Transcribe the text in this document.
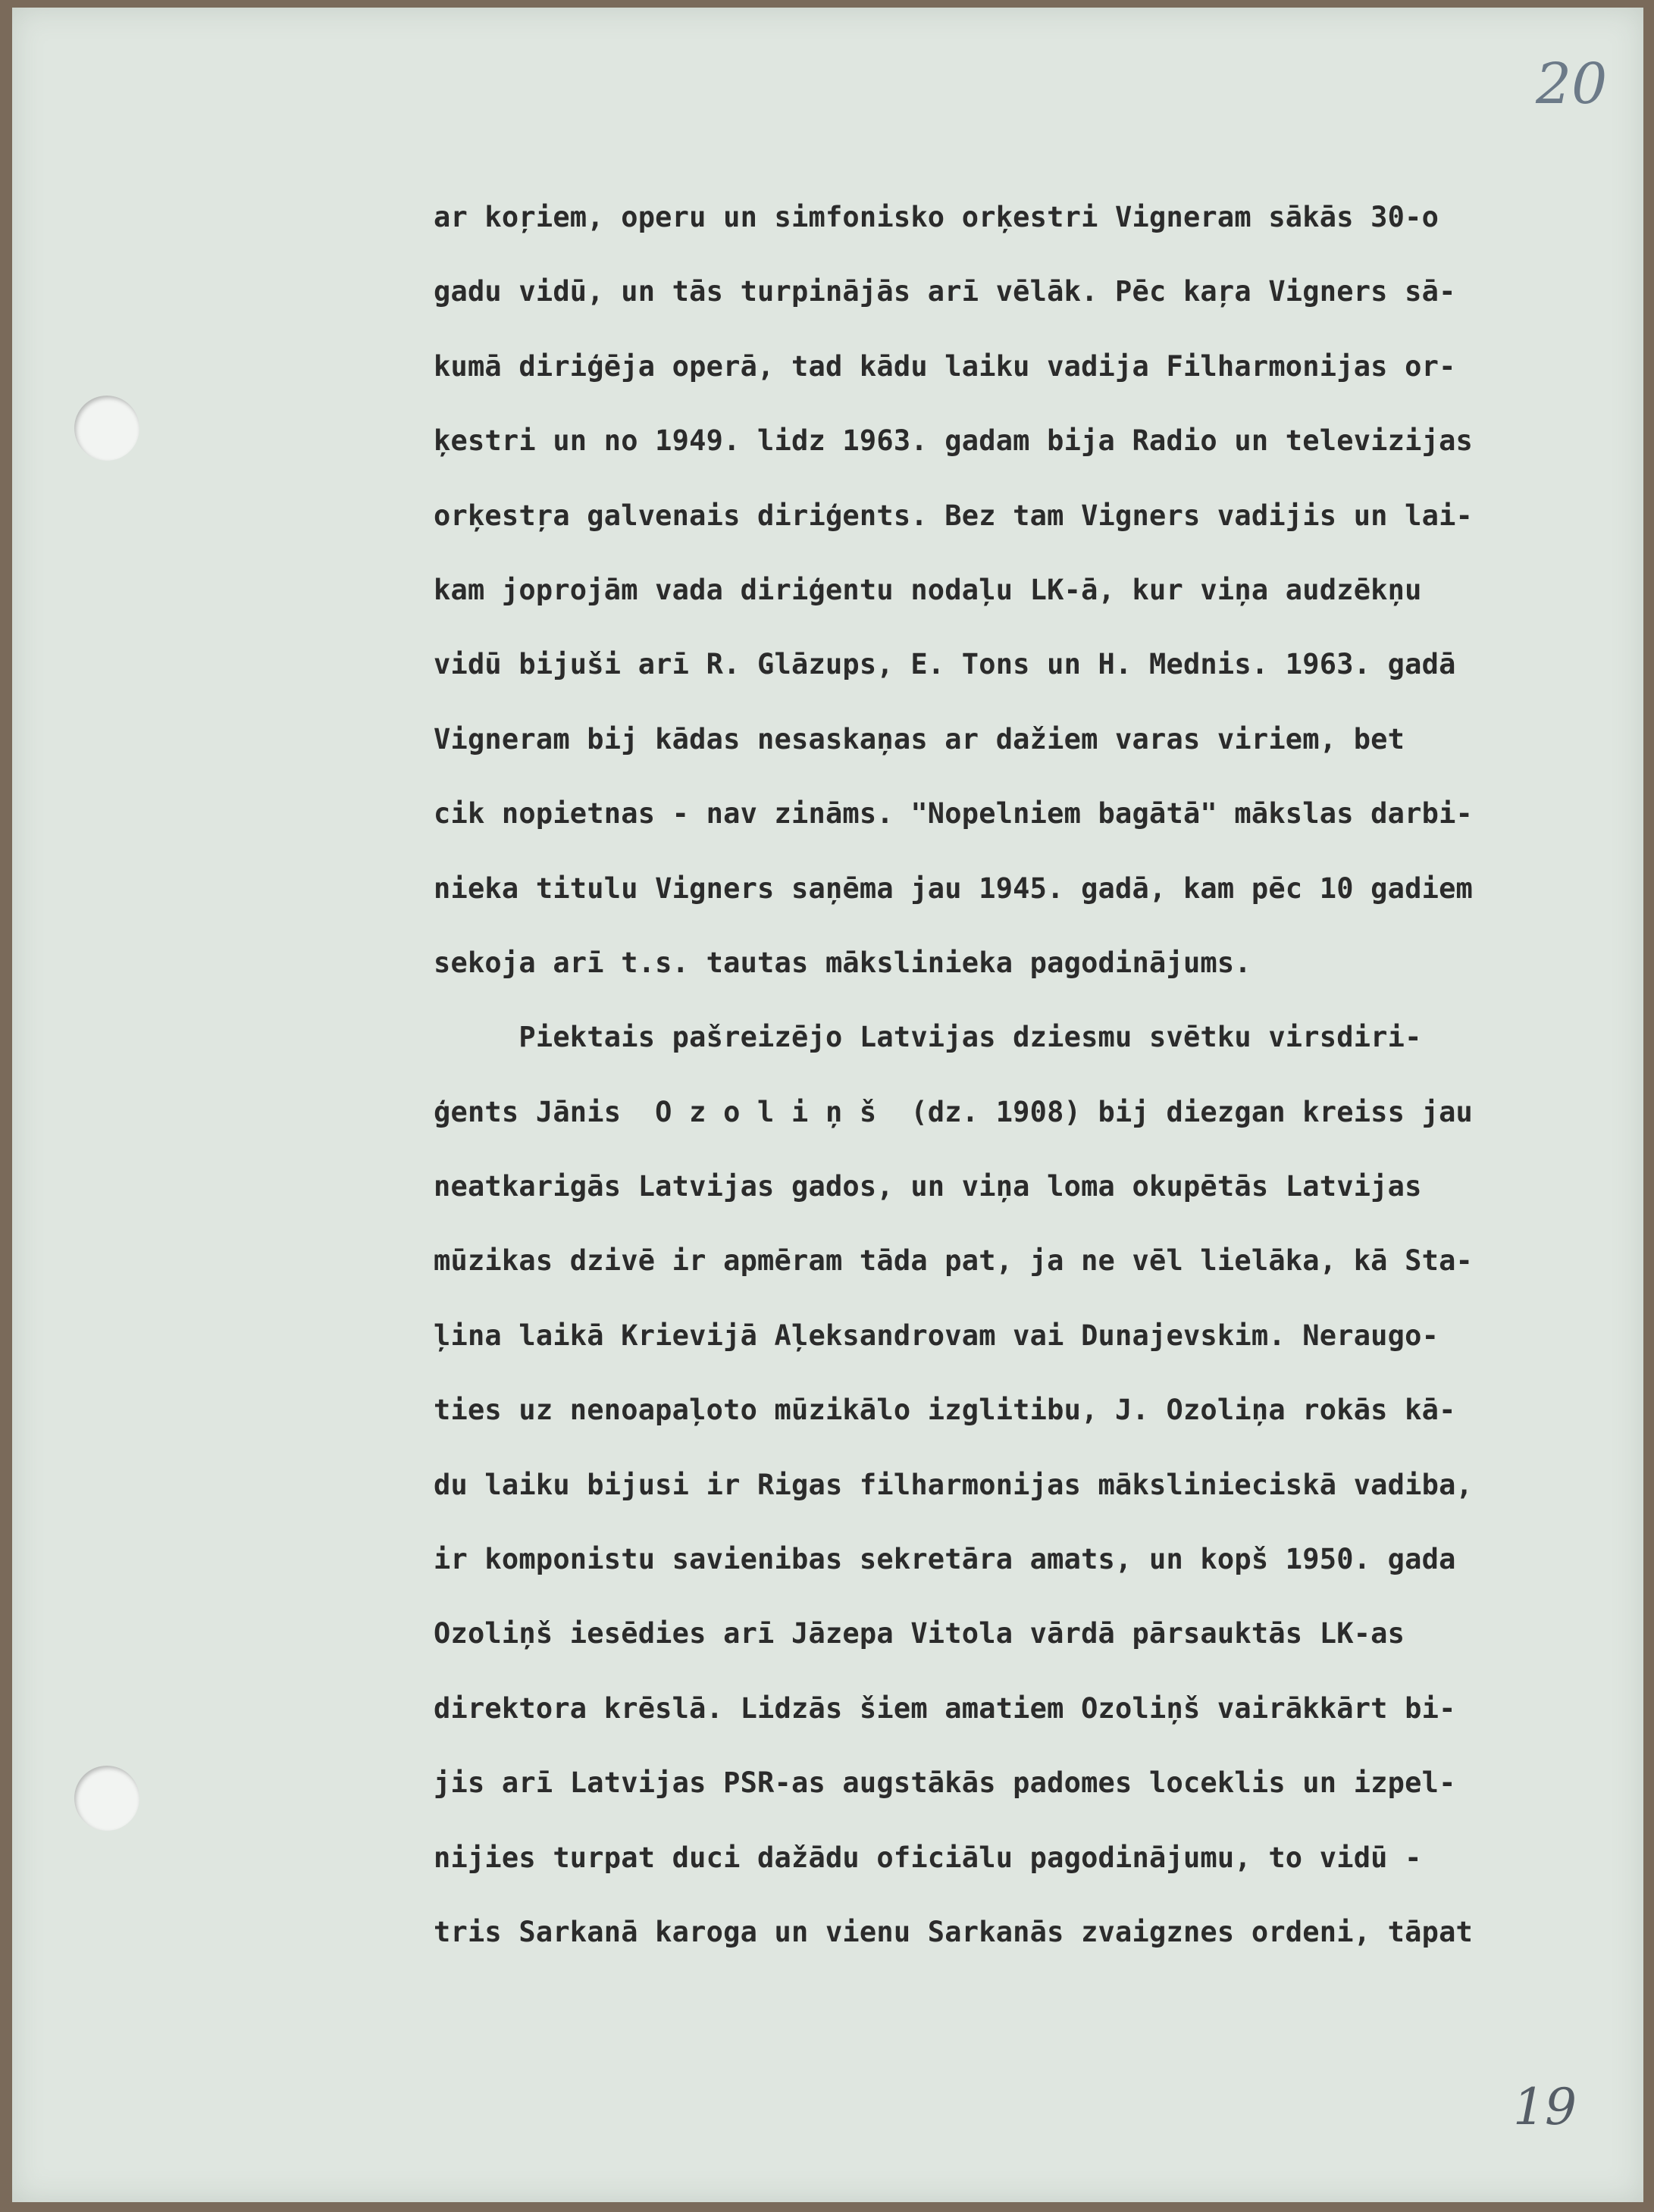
20
ar koŗiem, operu un simfonisko orķestri Vigneram sākās 30-o
gadu vidū, un tās turpinājās arī vēlāk. Pēc kaŗa Vigners sā-
kumā diriģēja operā, tad kādu laiku vadija Filharmonijas or-
ķestri un no 1949. lidz 1963. gadam bija Radio un televizijas
orķestŗa galvenais diriģents. Bez tam Vigners vadijis un lai-
kam joprojām vada diriģentu nodaļu LK-ā, kur viņa audzēkņu
vidū bijuši arī R. Glāzups, E. Tons un H. Mednis. 1963. gadā
Vigneram bij kādas nesaskaņas ar dažiem varas viriem, bet
cik nopietnas - nav zināms. "Nopelniem bagātā" mākslas darbi-
nieka titulu Vigners saņēma jau 1945. gadā, kam pēc 10 gadiem
sekoja arī t.s. tautas mākslinieka pagodinājums.
Piektais pašreizējo Latvijas dziesmu svētku virsdiri-
ģents Jānis  O z o l i ņ š  (dz. 1908) bij diezgan kreiss jau
neatkarigās Latvijas gados, un viņa loma okupētās Latvijas
mūzikas dzivē ir apmēram tāda pat, ja ne vēl lielāka, kā Sta-
ļina laikā Krievijā Aļeksandrovam vai Dunajevskim. Neraugo-
ties uz nenoapaļoto mūzikālo izglitibu, J. Ozoliņa rokās kā-
du laiku bijusi ir Rigas filharmonijas mākslinieciskā vadiba,
ir komponistu savienibas sekretāra amats, un kopš 1950. gada
Ozoliņš iesēdies arī Jāzepa Vitola vārdā pārsauktās LK-as
direktora krēslā. Lidzās šiem amatiem Ozoliņš vairākkārt bi-
jis arī Latvijas PSR-as augstākās padomes loceklis un izpel-
nijies turpat duci dažādu oficiālu pagodinājumu, to vidū -
tris Sarkanā karoga un vienu Sarkanās zvaigznes ordeni, tāpat
19
